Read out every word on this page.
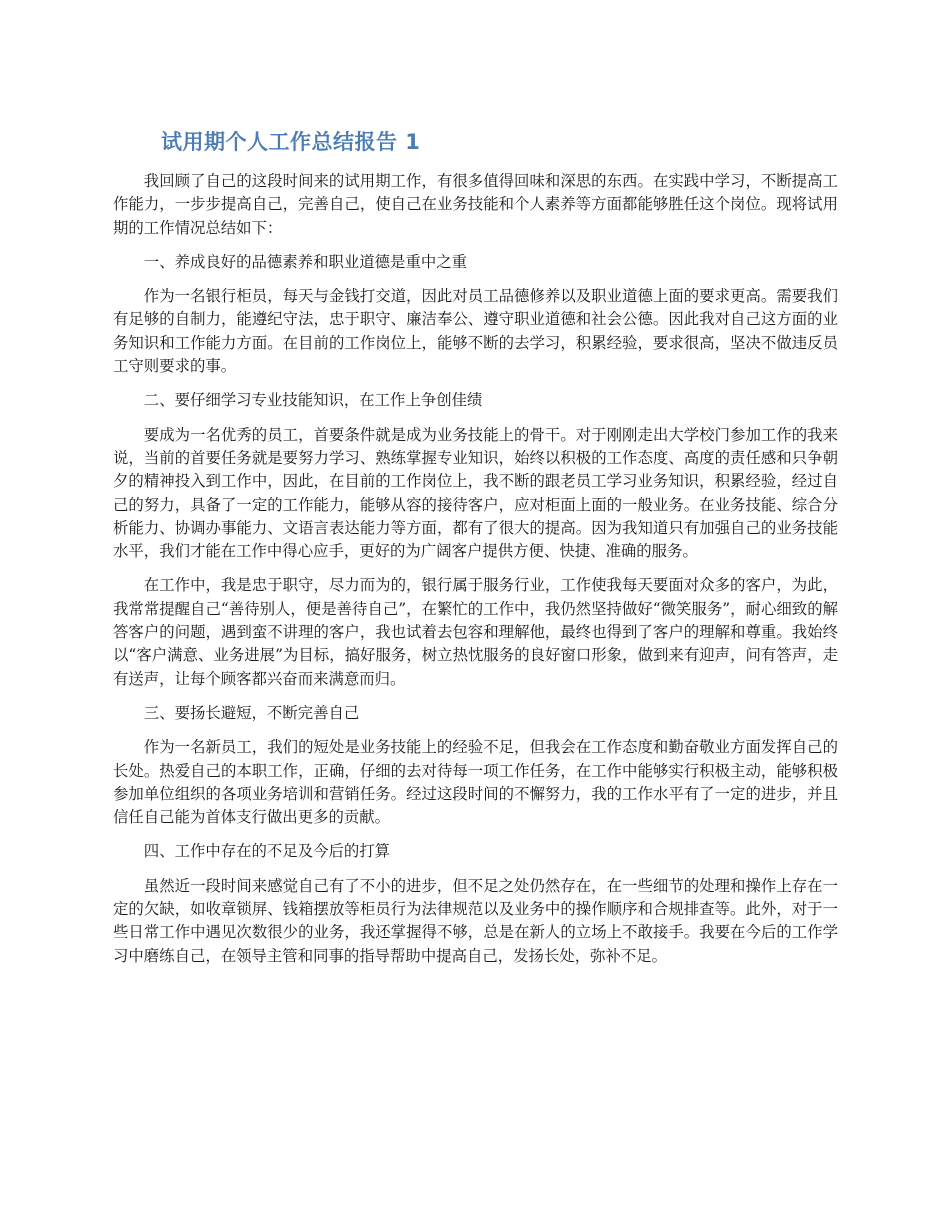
试用期个人工作总结报告 1

我回顾了自己的这段时间来的试用期工作，有很多值得回味和深思的东西。在实践中学习，不断提高工作能力，一步步提高自己，完善自己，使自己在业务技能和个人素养等方面都能够胜任这个岗位。现将试用期的工作情况总结如下：

一、养成良好的品德素养和职业道德是重中之重

作为一名银行柜员，每天与金钱打交道，因此对员工品德修养以及职业道德上面的要求更高。需要我们有足够的自制力，能遵纪守法，忠于职守、廉洁奉公、遵守职业道德和社会公德。因此我对自己这方面的业务知识和工作能力方面。在目前的工作岗位上，能够不断的去学习，积累经验，要求很高，坚决不做违反员工守则要求的事。

二、要仔细学习专业技能知识，在工作上争创佳绩

要成为一名优秀的员工，首要条件就是成为业务技能上的骨干。对于刚刚走出大学校门参加工作的我来说，当前的首要任务就是要努力学习、熟练掌握专业知识，始终以积极的工作态度、高度的责任感和只争朝夕的精神投入到工作中，因此，在目前的工作岗位上，我不断的跟老员工学习业务知识，积累经验，经过自己的努力，具备了一定的工作能力，能够从容的接待客户，应对柜面上面的一般业务。在业务技能、综合分析能力、协调办事能力、文语言表达能力等方面，都有了很大的提高。因为我知道只有加强自己的业务技能水平，我们才能在工作中得心应手，更好的为广阔客户提供方便、快捷、准确的服务。

在工作中，我是忠于职守，尽力而为的，银行属于服务行业，工作使我每天要面对众多的客户，为此，我常常提醒自己“善待别人，便是善待自己”，在繁忙的工作中，我仍然坚持做好“微笑服务”，耐心细致的解答客户的问题，遇到蛮不讲理的客户，我也试着去包容和理解他，最终也得到了客户的理解和尊重。我始终以“客户满意、业务进展”为目标，搞好服务，树立热忱服务的良好窗口形象，做到来有迎声，问有答声，走有送声，让每个顾客都兴奋而来满意而归。

三、要扬长避短，不断完善自己

作为一名新员工，我们的短处是业务技能上的经验不足，但我会在工作态度和勤奋敬业方面发挥自己的长处。热爱自己的本职工作，正确，仔细的去对待每一项工作任务，在工作中能够实行积极主动，能够积极参加单位组织的各项业务培训和营销任务。经过这段时间的不懈努力，我的工作水平有了一定的进步，并且信任自己能为首体支行做出更多的贡献。

四、工作中存在的不足及今后的打算

虽然近一段时间来感觉自己有了不小的进步，但不足之处仍然存在，在一些细节的处理和操作上存在一定的欠缺，如收章锁屏、钱箱摆放等柜员行为法律规范以及业务中的操作顺序和合规排查等。此外，对于一些日常工作中遇见次数很少的业务，我还掌握得不够，总是在新人的立场上不敢接手。我要在今后的工作学习中磨练自己，在领导主管和同事的指导帮助中提高自己，发扬长处，弥补不足。
